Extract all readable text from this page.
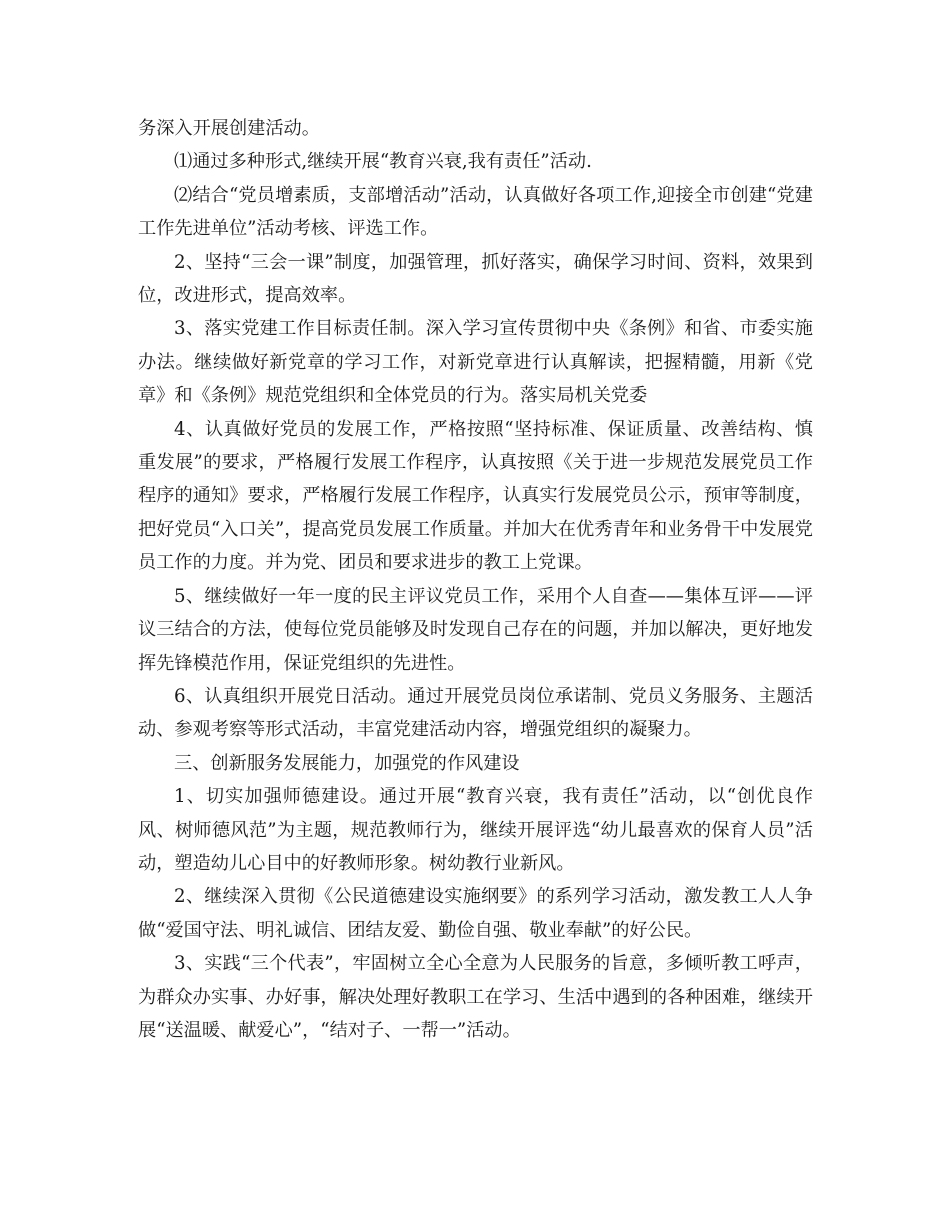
务深入开展创建活动。

⑴通过多种形式,继续开展“教育兴衰,我有责任”活动.

⑵结合“党员增素质，支部增活动”活动，认真做好各项工作,迎接全市创建“党建工作先进单位”活动考核、评选工作。

2、坚持“三会一课”制度，加强管理，抓好落实，确保学习时间、资料，效果到位，改进形式，提高效率。

3、落实党建工作目标责任制。深入学习宣传贯彻中央《条例》和省、市委实施办法。继续做好新党章的学习工作，对新党章进行认真解读，把握精髓，用新《党章》和《条例》规范党组织和全体党员的行为。落实局机关党委

4、认真做好党员的发展工作，严格按照“坚持标准、保证质量、改善结构、慎重发展”的要求，严格履行发展工作程序，认真按照《关于进一步规范发展党员工作程序的通知》要求，严格履行发展工作程序，认真实行发展党员公示，预审等制度，把好党员“入口关”，提高党员发展工作质量。并加大在优秀青年和业务骨干中发展党员工作的力度。并为党、团员和要求进步的教工上党课。

5、继续做好一年一度的民主评议党员工作，采用个人自查——集体互评——评议三结合的方法，使每位党员能够及时发现自己存在的问题，并加以解决，更好地发挥先锋模范作用，保证党组织的先进性。

6、认真组织开展党日活动。通过开展党员岗位承诺制、党员义务服务、主题活动、参观考察等形式活动，丰富党建活动内容，增强党组织的凝聚力。

三、创新服务发展能力，加强党的作风建设

1、切实加强师德建设。通过开展“教育兴衰，我有责任”活动，以“创优良作风、树师德风范”为主题，规范教师行为，继续开展评选“幼儿最喜欢的保育人员”活动，塑造幼儿心目中的好教师形象。树幼教行业新风。

2、继续深入贯彻《公民道德建设实施纲要》的系列学习活动，激发教工人人争做“爱国守法、明礼诚信、团结友爱、勤俭自强、敬业奉献”的好公民。

3、实践“三个代表”，牢固树立全心全意为人民服务的旨意，多倾听教工呼声，为群众办实事、办好事，解决处理好教职工在学习、生活中遇到的各种困难，继续开展“送温暖、献爱心”，“结对子、一帮一”活动。
